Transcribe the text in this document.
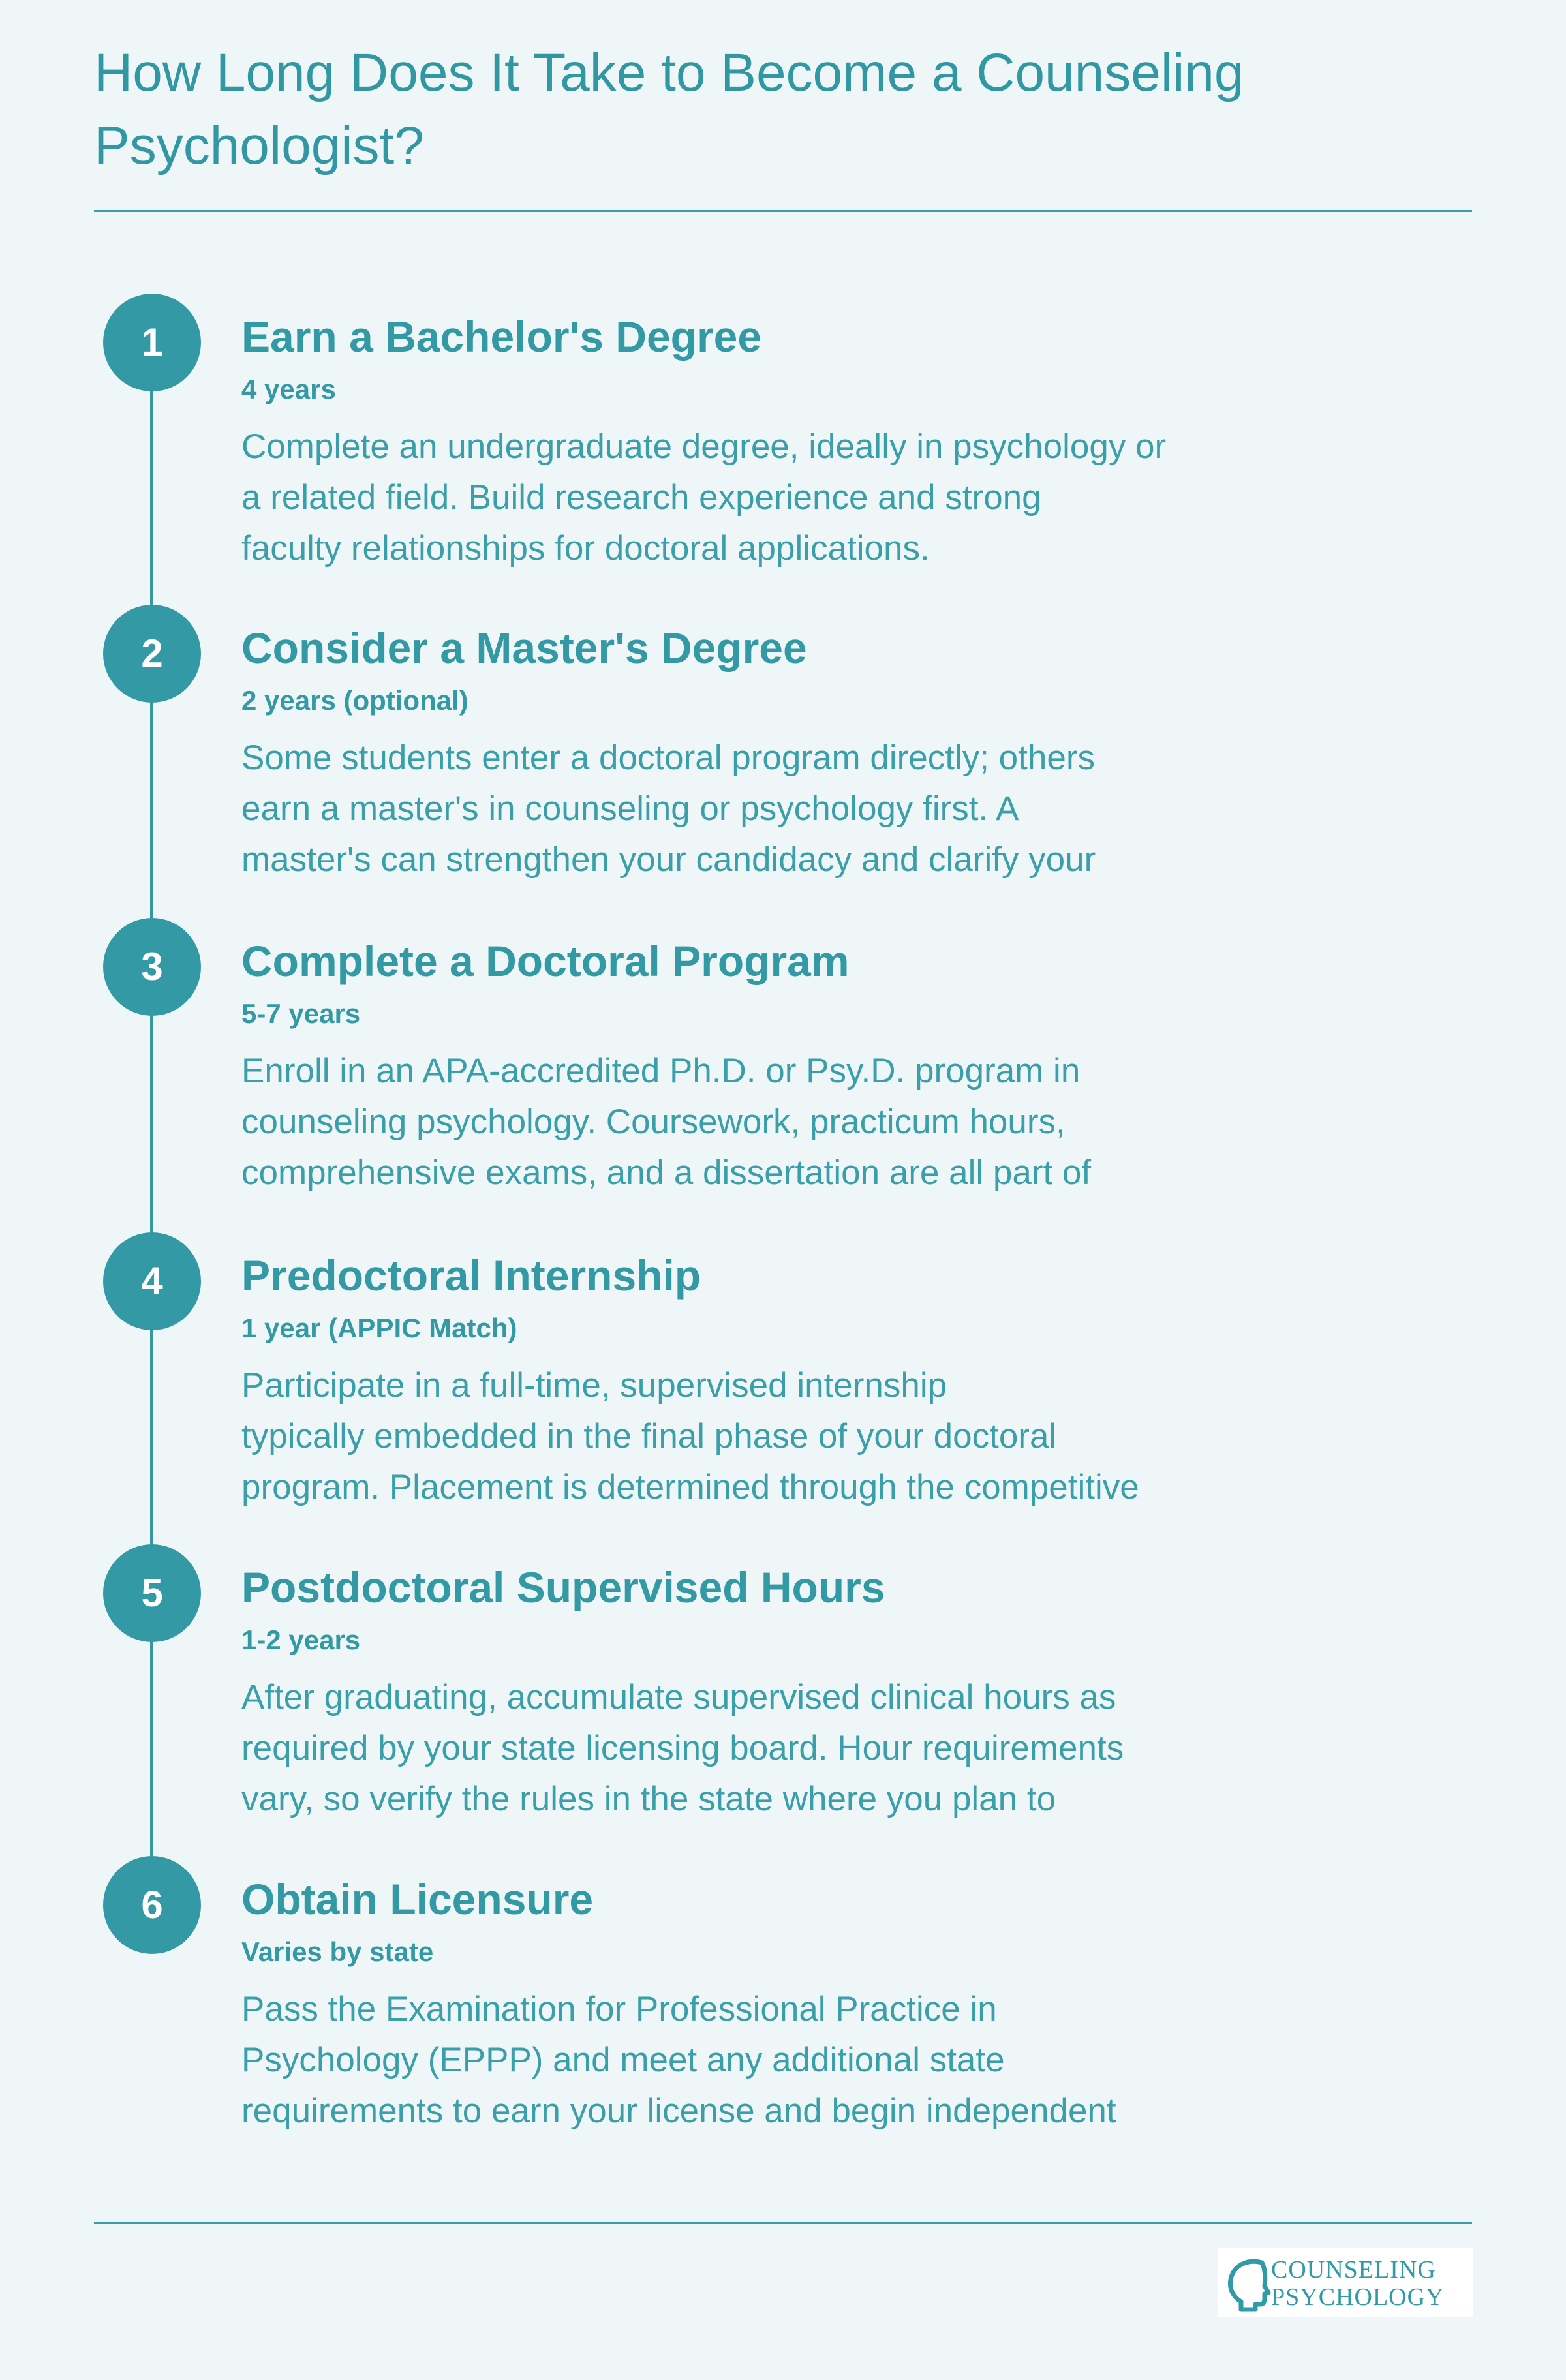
How Long Does It Take to Become a Counseling
Psychologist?
1	Earn a Bachelor's Degree
4 years

Complete an undergraduate degree, ideally in psychology or
a related field. Build research experience and strong
faculty relationships for doctoral applications.

2	Consider a Master's Degree
2 years (optional)

Some students enter a doctoral program directly; others
earn a master's in counseling or psychology first. A
master's can strengthen your candidacy and clarify your

3	Complete a Doctoral Program
5-7 years

Enroll in an APA-accredited Ph.D. or Psy.D. program in
counseling psychology. Coursework, practicum hours,
comprehensive exams, and a dissertation are all part of

4	Predoctoral Internship
1 year (APPIC Match)

Participate in a full-time, supervised internship
typically embedded in the final phase of your doctoral
program. Placement is determined through the competitive

5	Postdoctoral Supervised Hours
1-2 years

After graduating, accumulate supervised clinical hours as
required by your state licensing board. Hour requirements
vary, so verify the rules in the state where you plan to

6	Obtain Licensure
Varies by state

Pass the Examination for Professional Practice in
Psychology (EPPP) and meet any additional state
requirements to earn your license and begin independent

COUNSELING
PSYCHOLOGY
